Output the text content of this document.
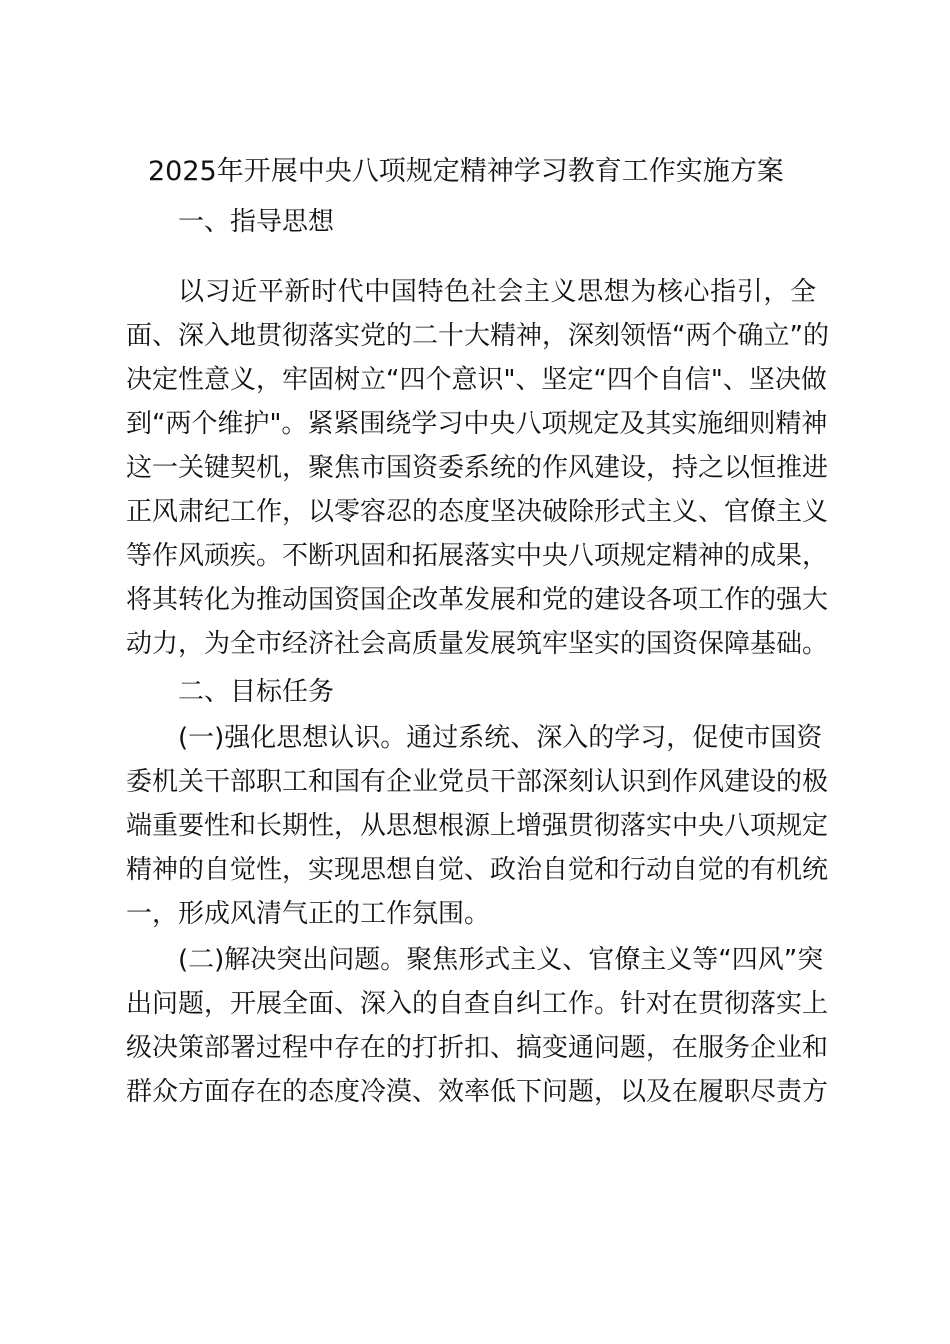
2025年开展中央八项规定精神学习教育工作实施方案
一、指导思想
以习近平新时代中国特色社会主义思想为核心指引，全
面、深入地贯彻落实党的二十大精神，深刻领悟“两个确立”的
决定性意义，牢固树立“四个意识"、坚定“四个自信"、坚决做
到“两个维护"。紧紧围绕学习中央八项规定及其实施细则精神
这一关键契机，聚焦市国资委系统的作风建设，持之以恒推进
正风肃纪工作，以零容忍的态度坚决破除形式主义、官僚主义
等作风顽疾。不断巩固和拓展落实中央八项规定精神的成果，
将其转化为推动国资国企改革发展和党的建设各项工作的强大
动力，为全市经济社会高质量发展筑牢坚实的国资保障基础。
二、目标任务
(一)强化思想认识。通过系统、深入的学习，促使市国资
委机关干部职工和国有企业党员干部深刻认识到作风建设的极
端重要性和长期性，从思想根源上增强贯彻落实中央八项规定
精神的自觉性，实现思想自觉、政治自觉和行动自觉的有机统
一，形成风清气正的工作氛围。
(二)解决突出问题。聚焦形式主义、官僚主义等“四风”突
出问题，开展全面、深入的自查自纠工作。针对在贯彻落实上
级决策部署过程中存在的打折扣、搞变通问题，在服务企业和
群众方面存在的态度冷漠、效率低下问题，以及在履职尽责方
